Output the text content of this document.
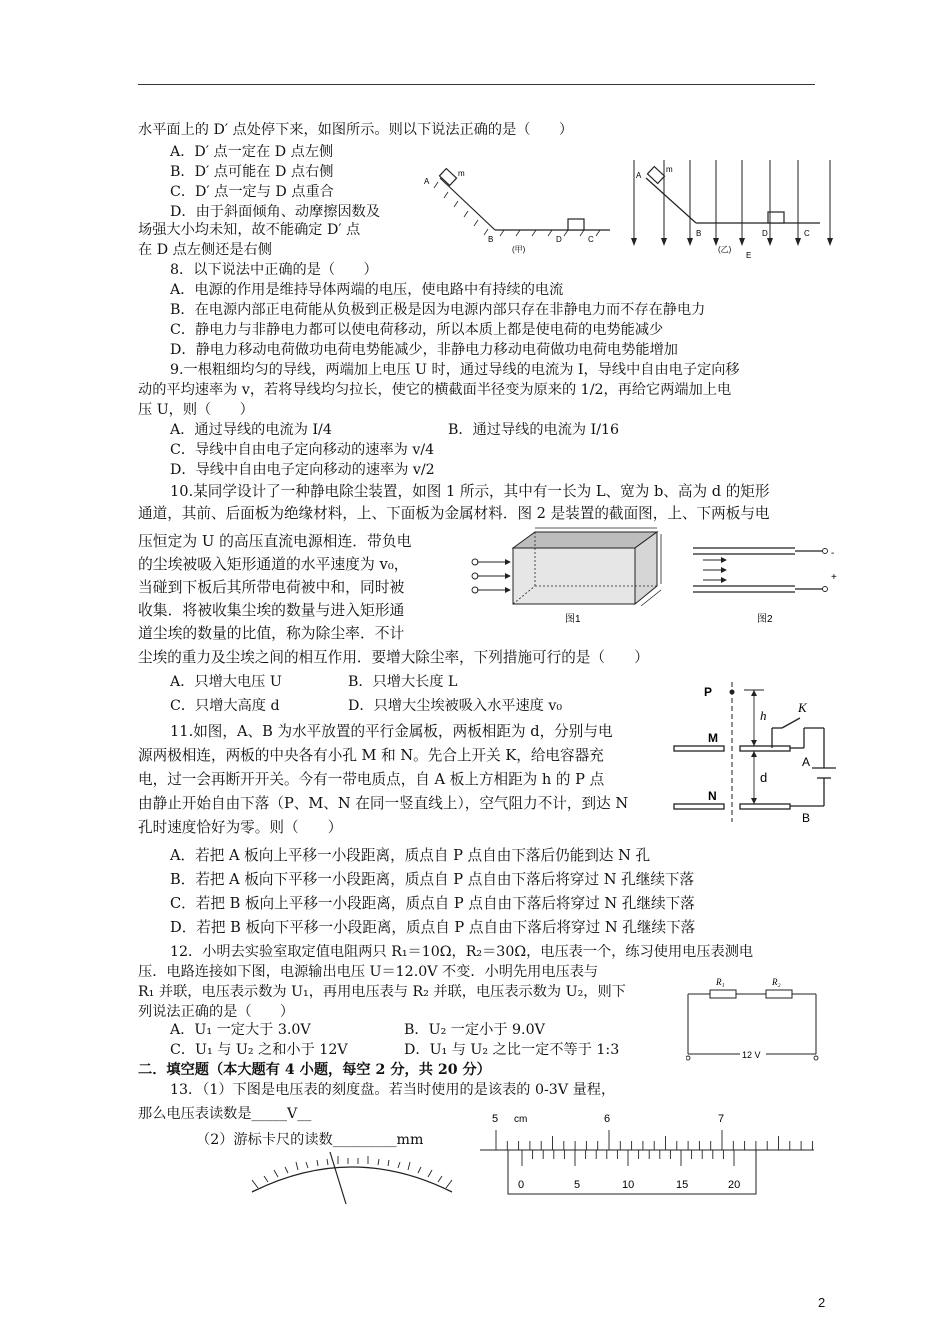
水平面上的 D′ 点处停下来，如图所示。则以下说法正确的是（　　）
A．D′ 点一定在 D 点左侧
B．D′ 点可能在 D 点右侧
C．D′ 点一定与 D 点重合
D．由于斜面倾角、动摩擦因数及
场强大小均未知，故不能确定 D′ 点
在 D 点左侧还是右侧
8．以下说法中正确的是（　　）
A．电源的作用是维持导体两端的电压，使电路中有持续的电流
B．在电源内部正电荷能从负极到正极是因为电源内部只存在非静电力而不存在静电力
C．静电力与非静电力都可以使电荷移动，所以本质上都是使电荷的电势能减少
D．静电力移动电荷做功电荷电势能减少，非静电力移动电荷做功电荷电势能增加
9.一根粗细均匀的导线，两端加上电压 U 时，通过导线的电流为 I，导线中自由电子定向移
动的平均速率为 v，若将导线均匀拉长，使它的横截面半径变为原来的 1/2，再给它两端加上电
压 U，则（　　）
A．通过导线的电流为 I/4	B．通过导线的电流为 I/16
C．导线中自由电子定向移动的速率为 v/4
D．导线中自由电子定向移动的速率为 v/2
10.某同学设计了一种静电除尘装置，如图 1 所示，其中有一长为 L、宽为 b、高为 d 的矩形
通道，其前、后面板为绝缘材料，上、下面板为金属材料．图 2 是装置的截面图，上、下两板与电
压恒定为 U 的高压直流电源相连．带负电
的尘埃被吸入矩形通道的水平速度为 v₀，
当碰到下板后其所带电荷被中和，同时被
收集．将被收集尘埃的数量与进入矩形通
道尘埃的数量的比值，称为除尘率．不计
尘埃的重力及尘埃之间的相互作用．要增大除尘率，下列措施可行的是（　　）
A．只增大电压 U	B．只增大长度 L
C．只增大高度 d	D．只增大尘埃被吸入水平速度 v₀
11.如图，A、B 为水平放置的平行金属板，两板相距为 d，分别与电
源两极相连，两板的中央各有小孔 M 和 N。先合上开关 K，给电容器充
电，过一会再断开开关。今有一带电质点，自 A 板上方相距为 h 的 P 点
由静止开始自由下落（P、M、N 在同一竖直线上），空气阻力不计，到达 N
孔时速度恰好为零。则（　　）
A．若把 A 板向上平移一小段距离，质点自 P 点自由下落后仍能到达 N 孔
B．若把 A 板向下平移一小段距离，质点自 P 点自由下落后将穿过 N 孔继续下落
C．若把 B 板向上平移一小段距离，质点自 P 点自由下落后将穿过 N 孔继续下落
D．若把 B 板向下平移一小段距离，质点自 P 点自由下落后将穿过 N 孔继续下落
12．小明去实验室取定值电阻两只 R₁＝10Ω，R₂＝30Ω，电压表一个，练习使用电压表测电
压．电路连接如下图，电源输出电压 U＝12.0V 不变．小明先用电压表与
R₁ 并联，电压表示数为 U₁，再用电压表与 R₂ 并联，电压表示数为 U₂，则下
列说法正确的是（　　）
A．U₁ 一定大于 3.0V	B．U₂ 一定小于 9.0V
C．U₁ 与 U₂ 之和小于 12V	D．U₁ 与 U₂ 之比一定不等于 1:3
二．填空题（本大题有 4 小题，每空 2 分，共 20 分）
13．（1）下图是电压表的刻度盘。若当时使用的是该表的 0-3V 量程，
那么电压表读数是_____V__
（2）游标卡尺的读数_________mm
A
m
B	D	C
(甲)
A
m
B	D	C
(乙)
E
图1
-
+
图2
P
M
N
h
d
K
A
B
R₁	R₂
12 V
5 cm	6	7
0	5	10	15	20
2
